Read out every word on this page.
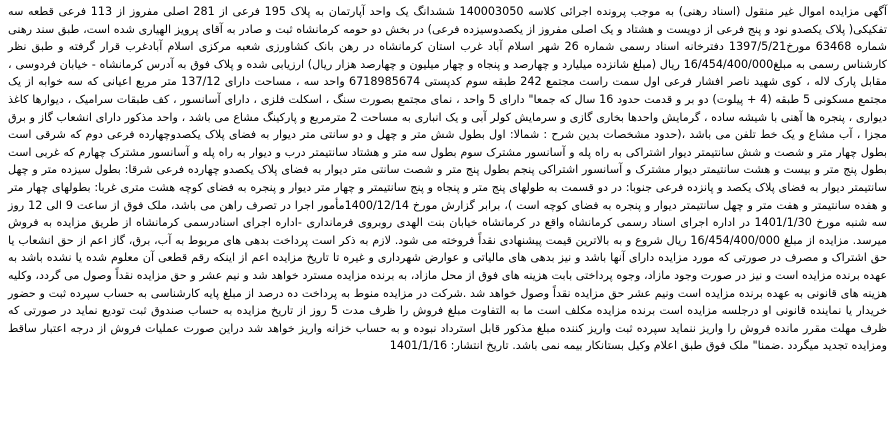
آگهی مزایده اموال غیر منقول (اسناد رهنی) به موجب پرونده اجرائی کلاسه 140003050 ششدانگ یک واحد آپارتمان به پلاک 195 فرعی از 281 اصلی مفروز از 113 فرعی قطعه سه تفکیکی( پلاک یکصدو نود و پنج فرعی از دویست و هشتاد و یک اصلی مفروز از یکصدوسیزده فرعی) در بخش دو حومه کرمانشاه ثبت و صادر به آقای پرویز الهیاری شده است، طبق سند رهنی شماره 63468 مورخ1397/5/21 دفترخانه اسناد رسمی شماره 26 شهر اسلام آباد غرب استان کرمانشاه در رهن بانک کشاورزی شعبه مرکزی اسلام آبادغرب قرار گرفته و طبق نظر کارشناس رسمی به مبلغ16/454/400/000 ریال (مبلغ شانزده میلیارد و چهارصد و پنجاه و چهار میلیون و چهارصد هزار ریال) ارزیابی شده و پلاک فوق به آدرس کرمانشاه - خیابان فردوسی ، مقابل پارک لاله ، کوی شهید ناصر افشار فرعی اول سمت راست مجتمع 242 طبقه سوم کدپستی 6718985674 واحد سه ، مساحت دارای 137/12 متر مربع اعیانی که سه خوابه از یک مجتمع مسکونی 5 طبقه (4 + پیلوت) دو بر و قدمت حدود 16 سال که جمعا" دارای 5 واحد ، نمای مجتمع بصورت سنگ ، اسکلت فلزی ، دارای آسانسور ، کف طبقات سرامیک ، دیوارها کاغذ دیواری ، پنجره ها آهنی با شیشه ساده ، گرمایش واحدها بخاری گازی و سرمایش کولر آبی و یک انباری به مساحت 2 مترمربع و پارکینگ مشاع می باشد ، واحد مذکور دارای انشعاب گاز و برق مجزا ، آب مشاع و یک خط تلفن می باشد ،(حدود مشخصات بدین شرح : شمالا: اول بطول شش متر و چهل و دو سانتی متر دیوار به فضای پلاک یکصدوچهارده فرعی دوم که شرقی است بطول چهار متر و شصت و شش سانتیمتر دیوار اشتراکی به راه پله و آسانسور مشترک سوم بطول سه متر و هشتاد سانتیمتر درب و دیوار به راه پله و آسانسور مشترک چهارم که غربی است بطول پنج متر و بیست و هشت سانتیمتر دیوار مشترک و آسانسور اشتراکی پنجم بطول پنج متر و شصت سانتی متر دیوار به فضای پلاک یکصدو چهارده فرعی شرقا: بطول سیزده متر و چهل سانتیمتر دیوار به فضای پلاک یکصد و پانزده فرعی جنوبا: در دو قسمت به طولهای پنج متر و پنجاه و پنج سانتیمتر و چهار متر دیوار و پنجره به فضای کوچه هشت متری غربا: بطولهای چهار متر و هفده سانتیمتر و هفت متر و چهل سانتیمتر دیوار و پنجره به فضای کوچه است )، برابر گزارش مورخ 1400/12/14مأمور اجرا در تصرف راهن می باشد، ملک فوق از ساعت 9 الی 12 روز سه شنبه مورخ 1401/1/30 در اداره اجرای اسناد رسمی کرمانشاه واقع در کرمانشاه خیابان بنت الهدی روبروی فرمانداری -اداره اجرای اسنادرسمی کرمانشاه از طریق مزایده به فروش میرسد. مزایده از مبلغ 16/454/400/000 ریال شروع و به بالاترین قیمت پیشنهادی نقداً فروخته می شود. لازم به ذکر است پرداخت بدهی های مربوط به آب، برق، گاز اعم از حق انشعاب یا حق اشتراک و مصرف در صورتی که مورد مزایده دارای آنها باشد و نیز بدهی های مالیاتی و عوارض شهرداری و غیره تا تاریخ مزایده اعم از اینکه رقم قطعی آن معلوم شده یا نشده باشد به عهده برنده مزایده است و نیز در صورت وجود مازاد، وجوه پرداختی بابت هزینه های فوق از محل مازاد، به برنده مزایده مسترد خواهد شد و نیم عشر و حق مزایده نقداً وصول می گردد، وکلیه هزینه های قانونی به عهده برنده مزایده است ونیم عشر حق مزایده نقداً وصول خواهد شد .شرکت در مزایده منوط به پرداخت ده درصد از مبلغ پایه کارشناسی به حساب سپرده ثبت و حضور خریدار یا نماینده قانونی او درجلسه مزایده است برنده مزایده مکلف است ما به التفاوت مبلغ فروش را ظرف مدت 5 روز از تاریخ مزایده به حساب صندوق ثبت تودیع نماید در صورتی که ظرف مهلت مقرر مانده فروش را واریز ننماید سپرده ثبت واریز کننده مبلغ مذکور قابل استرداد نبوده و به حساب خزانه واریز خواهد شد دراین صورت عملیات فروش از درجه اعتبار ساقط ومزایده تجدید میگردد .ضمنا" ملک فوق طبق اعلام وکیل بستانکار بیمه نمی باشد. تاریخ انتشار: 1401/1/16
